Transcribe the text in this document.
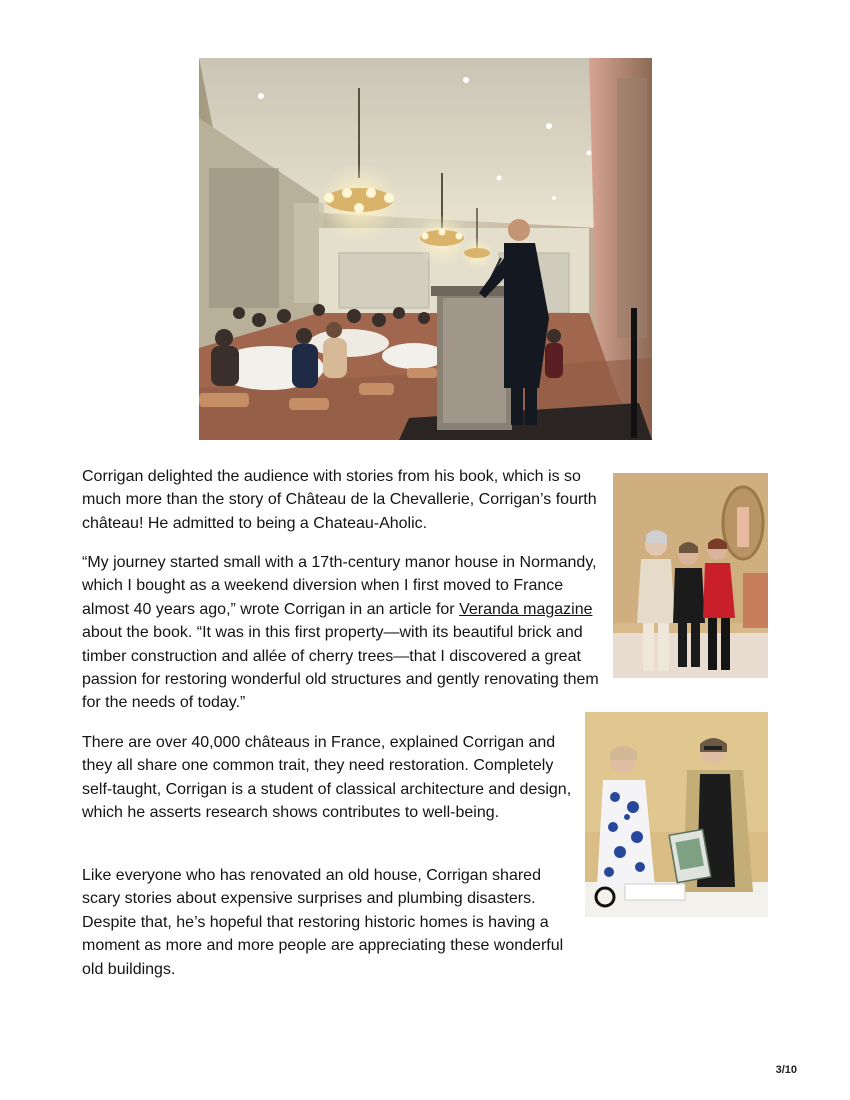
Corrigan delighted the audience with stories from his book, which is so much more than the story of Château de la Chevallerie, Corrigan’s fourth château! He admitted to being a Chateau-Aholic.

“My journey started small with a 17th-century manor house in Normandy, which I bought as a weekend diversion when I first moved to France almost 40 years ago,” wrote Corrigan in an article for Veranda magazine about the book. “It was in this first property—with its beautiful brick and timber construction and allée of cherry trees—that I discovered a great passion for restoring wonderful old structures and gently renovating them for the needs of today.”

There are over 40,000 châteaus in France, explained Corrigan and they all share one common trait, they need restoration. Completely self-taught, Corrigan is a student of classical architecture and design, which he asserts research shows contributes to well-being.

Like everyone who has renovated an old house, Corrigan shared scary stories about expensive surprises and plumbing disasters. Despite that, he’s hopeful that restoring historic homes is having a moment as more and more people are appreciating these wonderful old buildings.

3/10
